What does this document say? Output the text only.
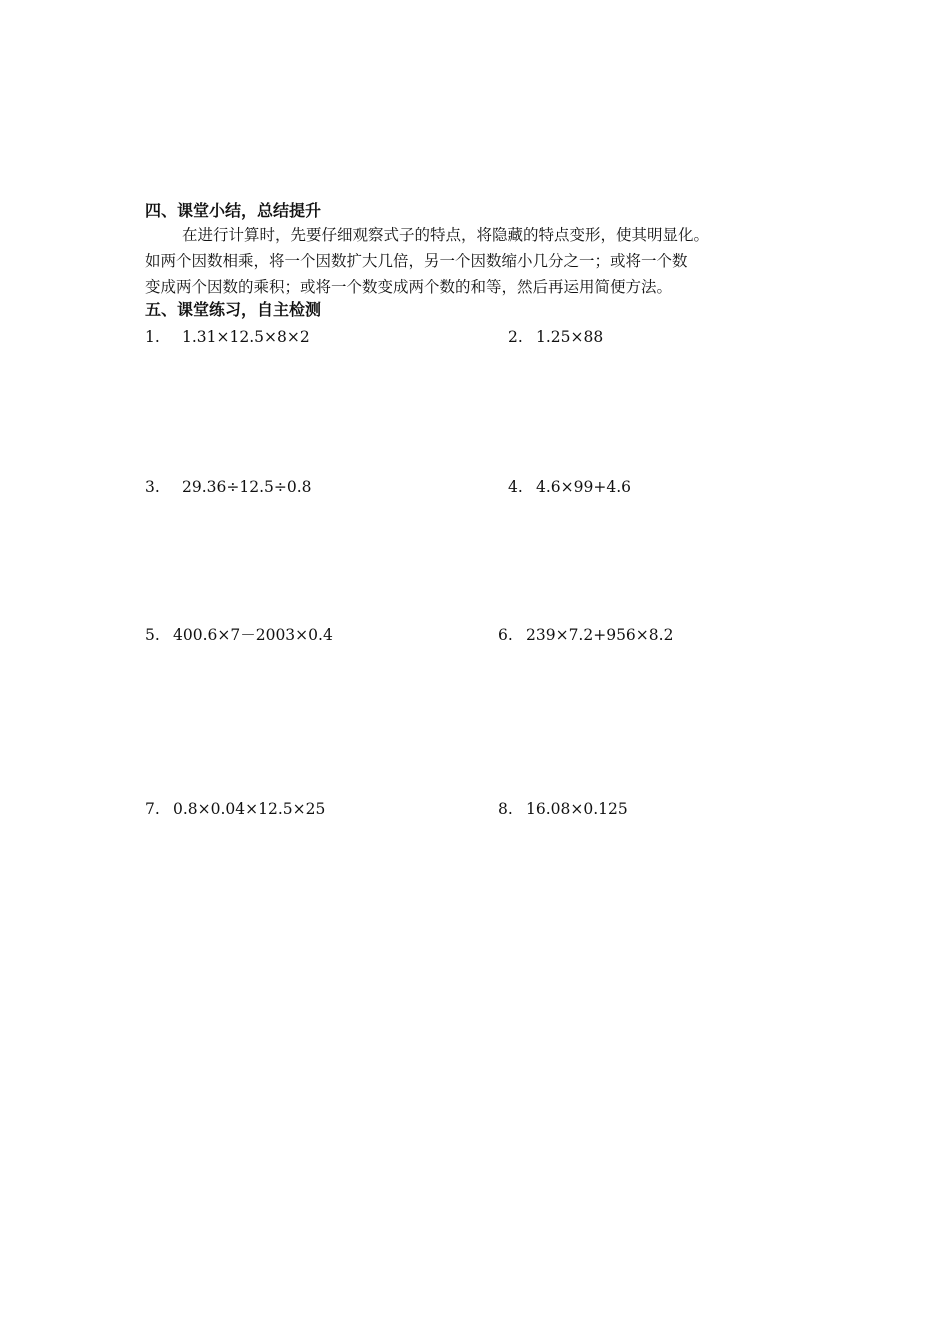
四、课堂小结，总结提升
在进行计算时，先要仔细观察式子的特点，将隐藏的特点变形，使其明显化。
如两个因数相乘，将一个因数扩大几倍，另一个因数缩小几分之一；或将一个数
变成两个因数的乘积；或将一个数变成两个数的和等，然后再运用简便方法。
五、课堂练习，自主检测
1. 1.31×12.5×8×2	2. 1.25×88
3. 29.36÷12.5÷0.8	4. 4.6×99+4.6
5. 400.6×7－2003×0.4	6. 239×7.2+956×8.2
7. 0.8×0.04×12.5×25	8. 16.08×0.125
